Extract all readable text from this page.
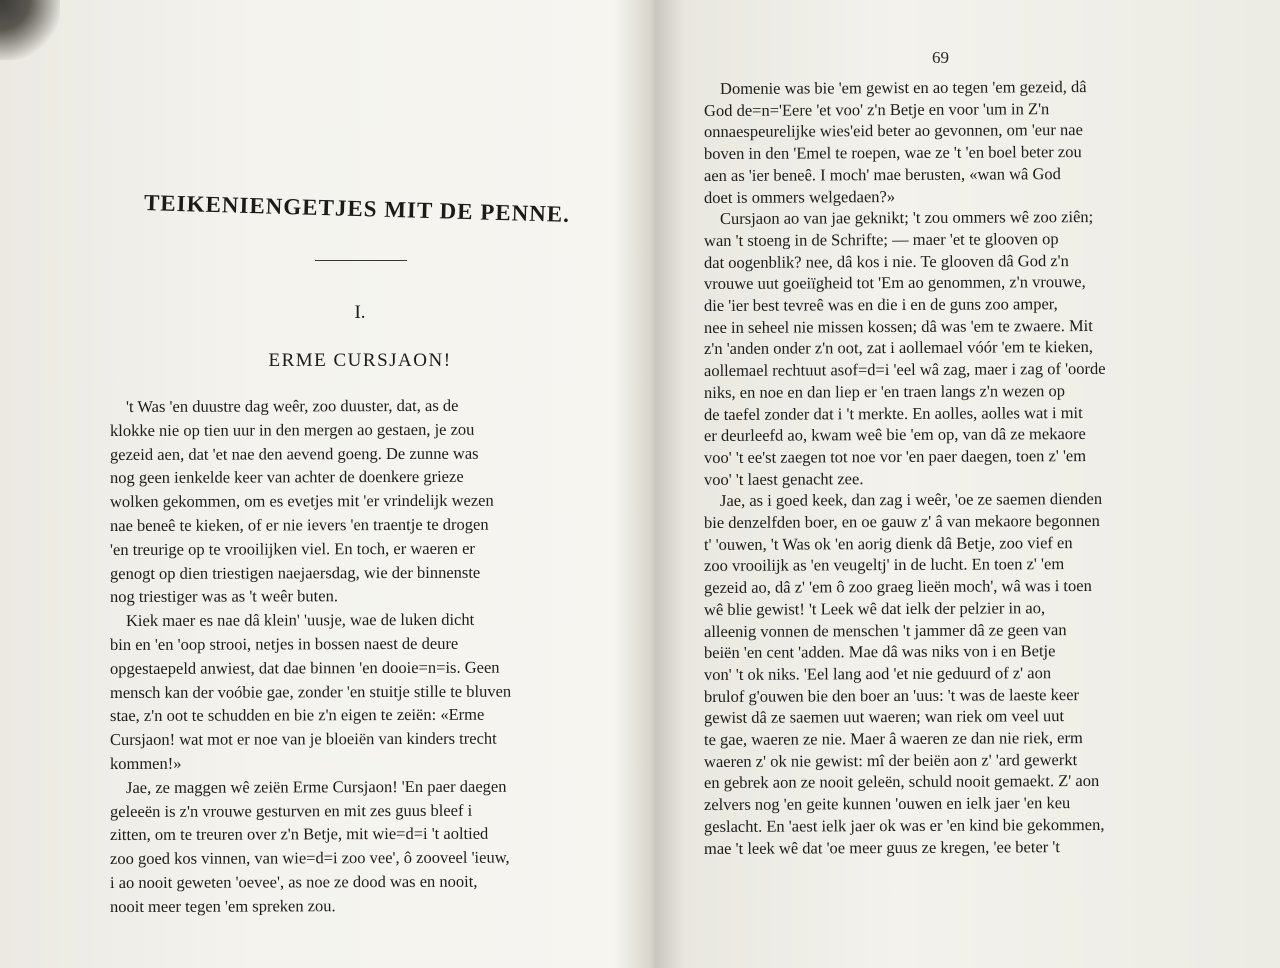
TEIKENIENGETJES MIT DE PENNE.
I.
ERME CURSJAON!
't Was 'en duustre dag weêr, zoo duuster, dat, as de
klokke nie op tien uur in den mergen ao gestaen, je zou
gezeid aen, dat 'et nae den aevend goeng. De zunne was
nog geen ienkelde keer van achter de doenkere grieze
wolken gekommen, om es evetjes mit 'er vrindelijk wezen
nae beneê te kieken, of er nie ievers 'en traentje te drogen
'en treurige op te vrooilijken viel. En toch, er waeren er
genogt op dien triestigen naejaersdag, wie der binnenste
nog triestiger was as 't weêr buten.
Kiek maer es nae dâ klein' 'uusje, wae de luken dicht
bin en 'en 'oop strooi, netjes in bossen naest de deure
opgestaepeld anwiest, dat dae binnen 'en dooie=n=is. Geen
mensch kan der voóbie gae, zonder 'en stuitje stille te bluven
stae, z'n oot te schudden en bie z'n eigen te zeiën: «Erme
Cursjaon! wat mot er noe van je bloeiën van kinders trecht
kommen!»
Jae, ze maggen wê zeiën Erme Cursjaon! 'En paer daegen
geleeën is z'n vrouwe gesturven en mit zes guus bleef i
zitten, om te treuren over z'n Betje, mit wie=d=i 't aoltied
zoo goed kos vinnen, van wie=d=i zoo vee', ô zooveel 'ieuw,
i ao nooit geweten 'oevee', as noe ze dood was en nooit,
nooit meer tegen 'em spreken zou.
69
Domenie was bie 'em gewist en ao tegen 'em gezeid, dâ
God de=n='Eere 'et voo' z'n Betje en voor 'um in Z'n
onnaespeurelijke wies'eid beter ao gevonnen, om 'eur nae
boven in den 'Emel te roepen, wae ze 't 'en boel beter zou
aen as 'ier beneê. I moch' mae berusten, «wan wâ God
doet is ommers welgedaen?»
Cursjaon ao van jae geknikt; 't zou ommers wê zoo ziên;
wan 't stoeng in de Schrifte; — maer 'et te glooven op
dat oogenblik? nee, dâ kos i nie. Te glooven dâ God z'n
vrouwe uut goeiïgheid tot 'Em ao genommen, z'n vrouwe,
die 'ier best tevreê was en die i en de guns zoo amper,
nee in seheel nie missen kossen; dâ was 'em te zwaere. Mit
z'n 'anden onder z'n oot, zat i aollemael vóór 'em te kieken,
aollemael rechtuut asof=d=i 'eel wâ zag, maer i zag of 'oorde
niks, en noe en dan liep er 'en traen langs z'n wezen op
de taefel zonder dat i 't merkte. En aolles, aolles wat i mit
er deurleefd ao, kwam weê bie 'em op, van dâ ze mekaore
voo' 't ee'st zaegen tot noe vor 'en paer daegen, toen z' 'em
voo' 't laest genacht zee.
Jae, as i goed keek, dan zag i weêr, 'oe ze saemen dienden
bie denzelfden boer, en oe gauw z' â van mekaore begonnen
t' 'ouwen, 't Was ok 'en aorig dienk dâ Betje, zoo vief en
zoo vrooilijk as 'en veugeltj' in de lucht. En toen z' 'em
gezeid ao, dâ z' 'em ô zoo graeg lieën moch', wâ was i toen
wê blie gewist! 't Leek wê dat ielk der pelzier in ao,
alleenig vonnen de menschen 't jammer dâ ze geen van
beiën 'en cent 'adden. Mae dâ was niks von i en Betje
von' 't ok niks. 'Eel lang aod 'et nie geduurd of z' aon
brulof g'ouwen bie den boer an 'uus: 't was de laeste keer
gewist dâ ze saemen uut waeren; wan riek om veel uut
te gae, waeren ze nie. Maer â waeren ze dan nie riek, erm
waeren z' ok nie gewist: mî der beiën aon z' 'ard gewerkt
en gebrek aon ze nooit geleën, schuld nooit gemaekt. Z' aon
zelvers nog 'en geite kunnen 'ouwen en ielk jaer 'en keu
geslacht. En 'aest ielk jaer ok was er 'en kind bie gekommen,
mae 't leek wê dat 'oe meer guus ze kregen, 'ee beter 't
